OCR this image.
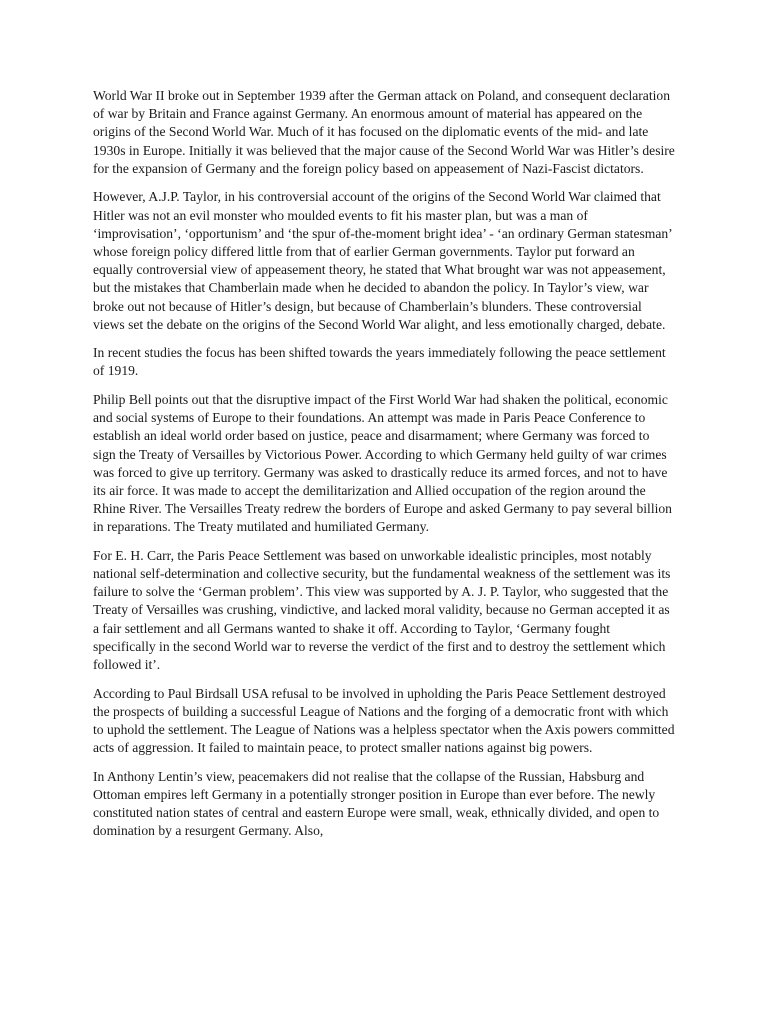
World War II broke out in September 1939 after the German attack on Poland, and consequent declaration of war by Britain and France against Germany. An enormous amount of material has appeared on the origins of the Second World War. Much of it has focused on the diplomatic events of the mid- and late 1930s in Europe. Initially it was believed that the major cause of the Second World War was Hitler’s desire for the expansion of Germany and the foreign policy based on appeasement of Nazi-Fascist dictators.

However, A.J.P. Taylor, in his controversial account of the origins of the Second World War claimed that Hitler was not an evil monster who moulded events to fit his master plan, but was a man of ‘improvisation’, ‘opportunism’ and ‘the spur of-the-moment bright idea’ - ‘an ordinary German statesman’ whose foreign policy differed little from that of earlier German governments. Taylor put forward an equally controversial view of appeasement theory, he stated that What brought war was not appeasement, but the mistakes that Chamberlain made when he decided to abandon the policy. In Taylor’s view, war broke out not because of Hitler’s design, but because of Chamberlain’s blunders. These controversial views set the debate on the origins of the Second World War alight, and less emotionally charged, debate.

In recent studies the focus has been shifted towards the years immediately following the peace settlement of 1919.

Philip Bell points out that the disruptive impact of the First World War had shaken the political, economic and social systems of Europe to their foundations. An attempt was made in Paris Peace Conference to establish an ideal world order based on justice, peace and disarmament; where Germany was forced to sign the Treaty of Versailles by Victorious Power. According to which Germany held guilty of war crimes was forced to give up territory. Germany was asked to drastically reduce its armed forces, and not to have its air force. It was made to accept the demilitarization and Allied occupation of the region around the Rhine River. The Versailles Treaty redrew the borders of Europe and asked Germany to pay several billion in reparations. The Treaty mutilated and humiliated Germany.

For E. H. Carr, the Paris Peace Settlement was based on unworkable idealistic principles, most notably national self-determination and collective security, but the fundamental weakness of the settlement was its failure to solve the ‘German problem’. This view was supported by A. J. P. Taylor, who suggested that the Treaty of Versailles was crushing, vindictive, and lacked moral validity, because no German accepted it as a fair settlement and all Germans wanted to shake it off. According to Taylor, ‘Germany fought specifically in the second World war to reverse the verdict of the first and to destroy the settlement which followed it’.

According to Paul Birdsall USA refusal to be involved in upholding the Paris Peace Settlement destroyed the prospects of building a successful League of Nations and the forging of a democratic front with which to uphold the settlement. The League of Nations was a helpless spectator when the Axis powers committed acts of aggression. It failed to maintain peace, to protect smaller nations against big powers.

In Anthony Lentin’s view, peacemakers did not realise that the collapse of the Russian, Habsburg and Ottoman empires left Germany in a potentially stronger position in Europe than ever before. The newly constituted nation states of central and eastern Europe were small, weak, ethnically divided, and open to domination by a resurgent Germany. Also,
